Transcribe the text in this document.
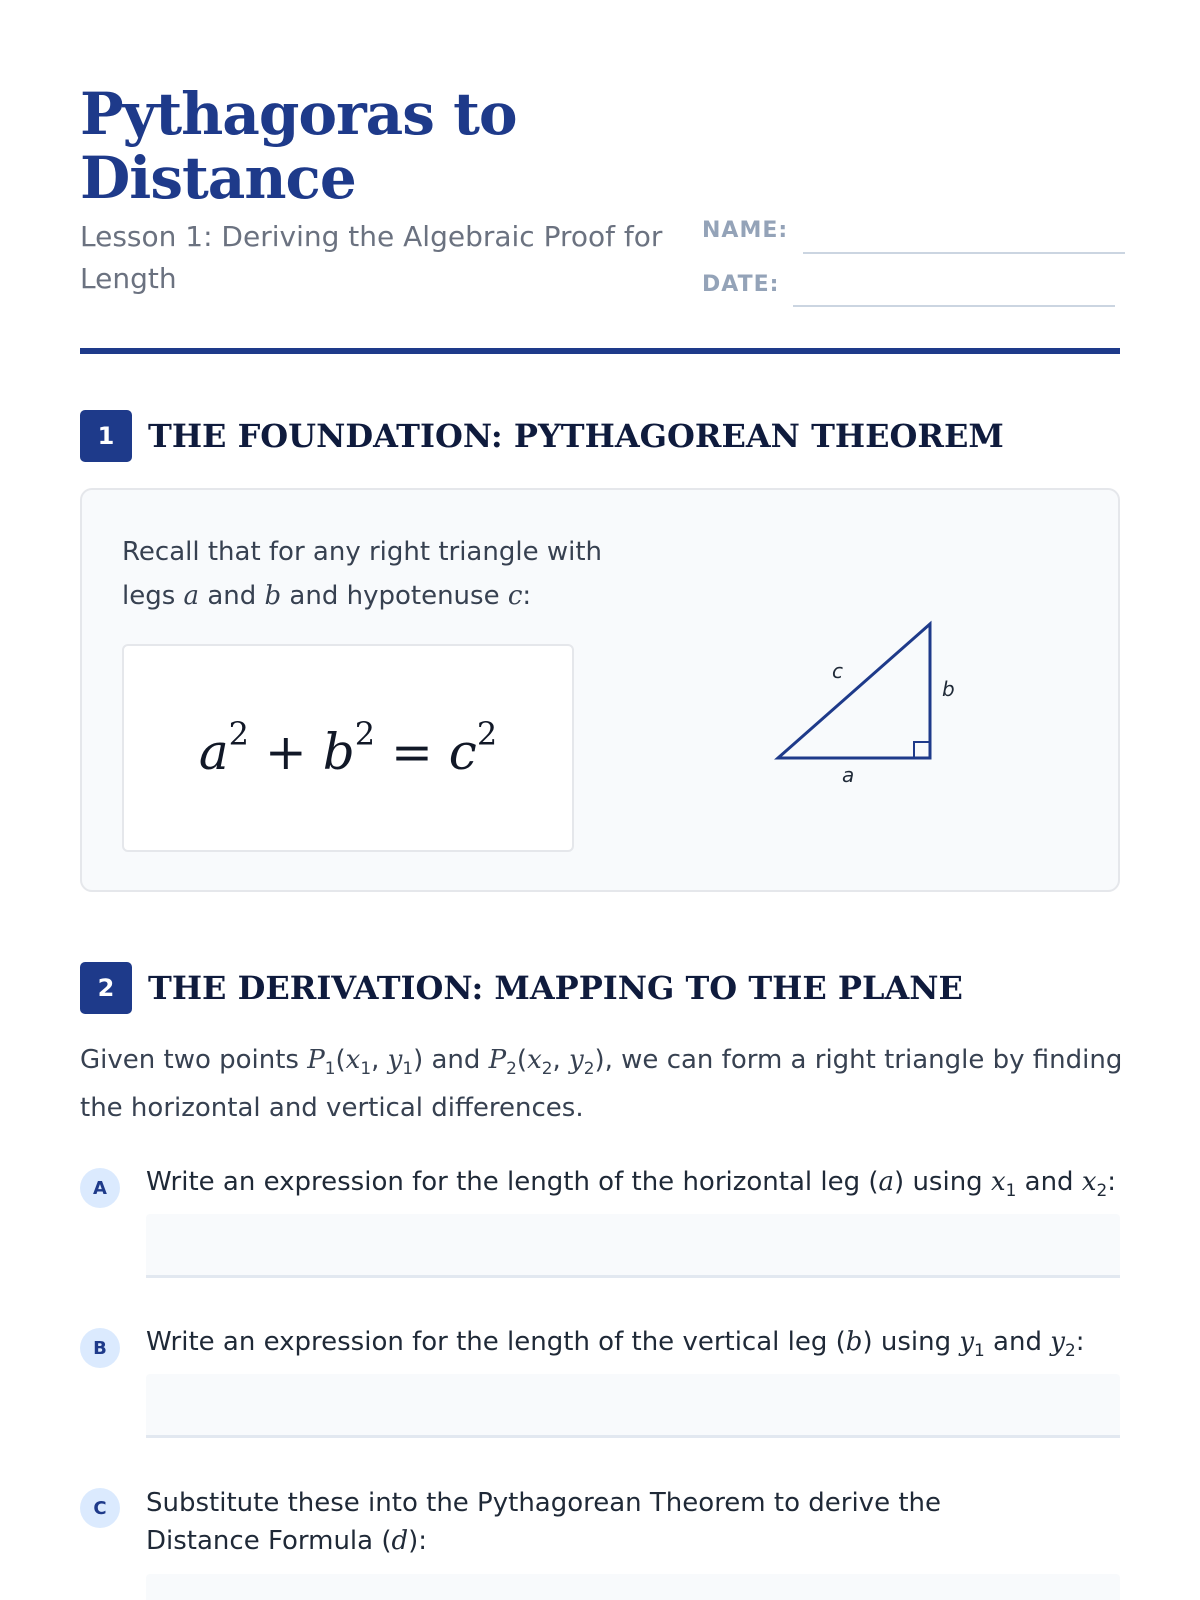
Pythagoras to
Distance

Lesson 1: Deriving the Algebraic Proof for Length

NAME:
DATE:
1	THE FOUNDATION: PYTHAGOREAN THEOREM
Recall that for any right triangle with legs a and b and hypotenuse c:
$a^2 + b^2 = c^2$
a
b
c
2	THE DERIVATION: MAPPING TO THE PLANE

Given two points $P_1(x_1$, $y_1$) and $P_2(x_2$, $y_2$), we can form a right triangle by finding the horizontal and vertical differences.

A	Write an expression for the length of the horizontal leg (a) using $x_1$ and $x_2$:

B	Write an expression for the length of the vertical leg (b) using $y_1$ and $y_2$:

C	Substitute these into the Pythagorean Theorem to derive the Distance Formula (d):
